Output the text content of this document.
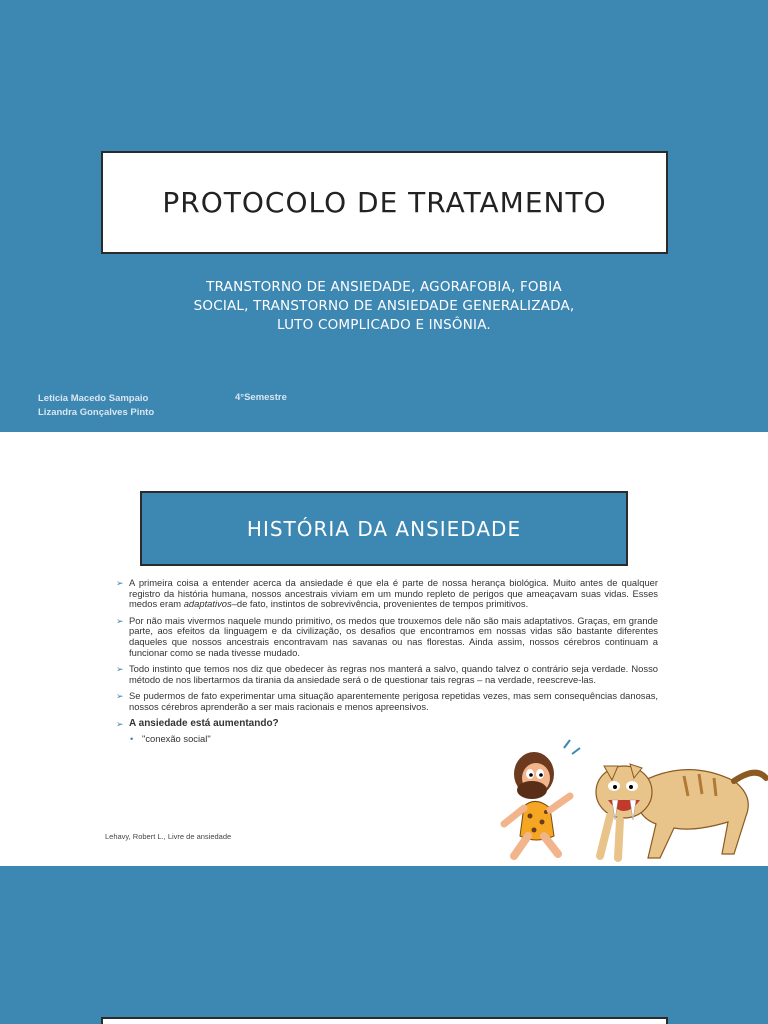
PROTOCOLO DE TRATAMENTO
TRANSTORNO DE ANSIEDADE, AGORAFOBIA, FOBIA
SOCIAL, TRANSTORNO DE ANSIEDADE GENERALIZADA,
LUTO COMPLICADO E INSÔNIA.
Leticia Macedo Sampaio
Lizandra Gonçalves Pinto
4°Semestre
HISTÓRIA DA ANSIEDADE
➢ A primeira coisa a entender acerca da ansiedade é que ela é parte de nossa herança biológica. Muito antes de qualquer registro da história humana, nossos ancestrais viviam em um mundo repleto de perigos que ameaçavam suas vidas. Esses medos eram adaptativos–de fato, instintos de sobrevivência, provenientes de tempos primitivos.
➢ Por não mais vivermos naquele mundo primitivo, os medos que trouxemos dele não são mais adaptativos. Graças, em grande parte, aos efeitos da linguagem e da civilização, os desafios que encontramos em nossas vidas são bastante diferentes daqueles que nossos ancestrais encontravam nas savanas ou nas florestas. Ainda assim, nossos cérebros continuam a funcionar como se nada tivesse mudado.
➢ Todo instinto que temos nos diz que obedecer às regras nos manterá a salvo, quando talvez o contrário seja verdade. Nosso método de nos libertarmos da tirania da ansiedade será o de questionar tais regras – na verdade, reescreve-las.
➢ Se pudermos de fato experimentar uma situação aparentemente perigosa repetidas vezes, mas sem consequências danosas, nossos cérebros aprenderão a ser mais racionais e menos apreensivos.
➢ A ansiedade está aumentando?
• "conexão social"
Lehavy, Robert L., Livre de ansiedade
